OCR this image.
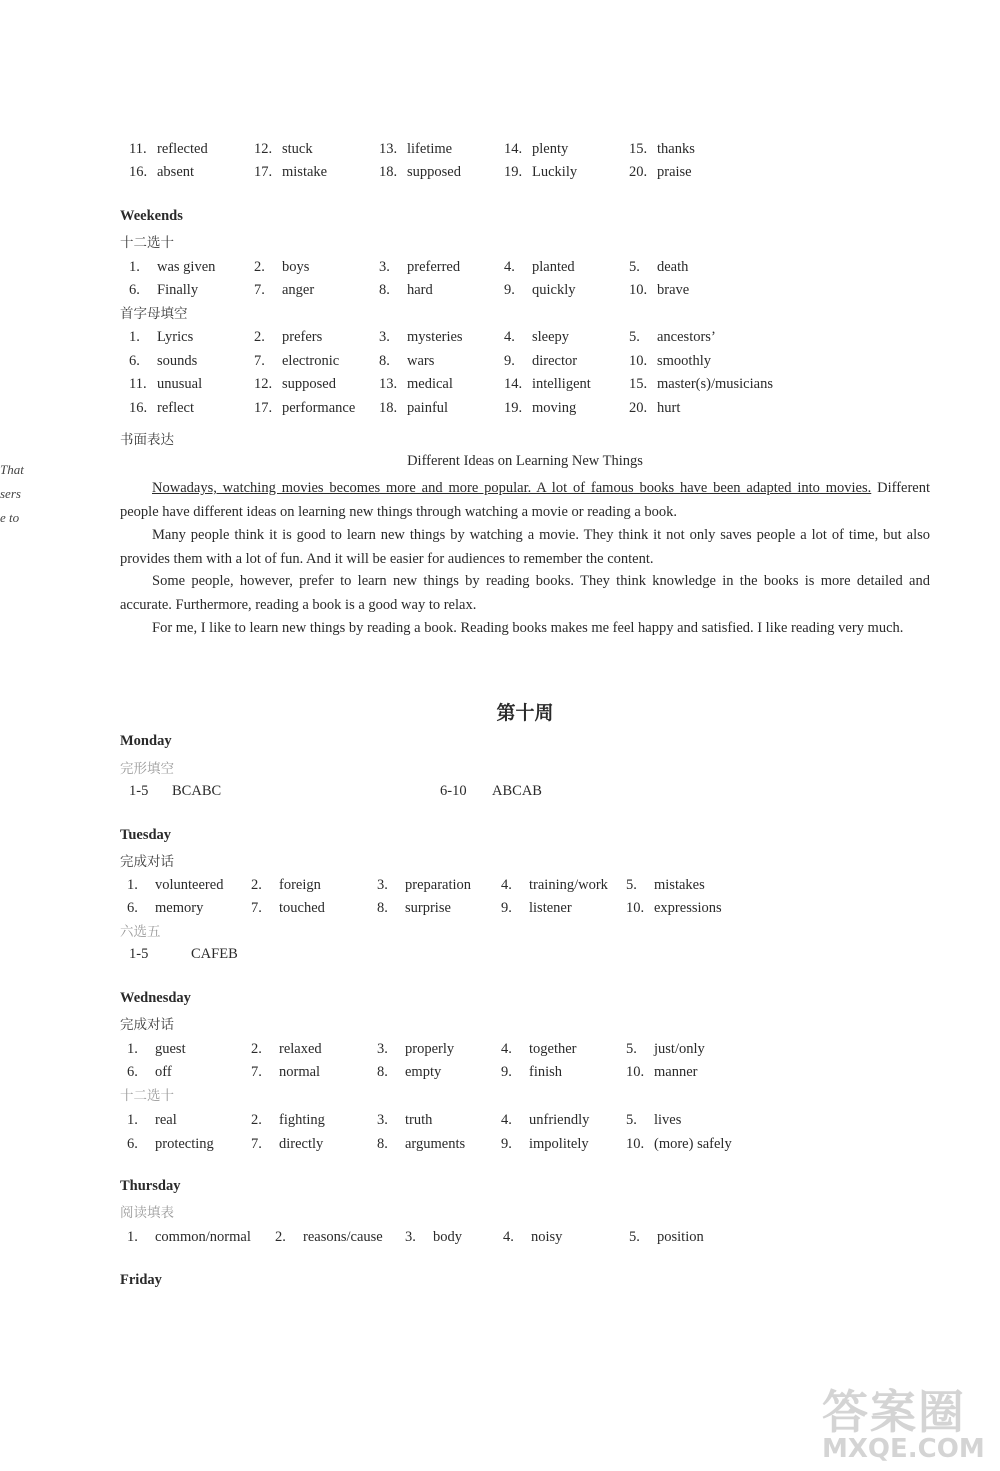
11. reflected	12. stuck	13. lifetime	14. plenty	15. thanks
16. absent	17. mistake	18. supposed	19. Luckily	20. praise
Weekends
十二选十
1. was given	2. boys	3. preferred	4. planted	5. death
6. Finally	7. anger	8. hard	9. quickly	10. brave
首字母填空
1. Lyrics	2. prefers	3. mysteries	4. sleepy	5. ancestors’
6. sounds	7. electronic	8. wars	9. director	10. smoothly
11. unusual	12. supposed	13. medical	14. intelligent	15. master(s)/musicians
16. reflect	17. performance 18. painful	19. moving	20. hurt
书面表达
That
sers
e to
Different Ideas on Learning New Things
Nowadays, watching movies becomes more and more popular. A lot of famous books have been adapted into movies. Different people have different ideas on learning new things through watching a movie or reading a book.
Many people think it is good to learn new things by watching a movie. They think it not only saves people a lot of time, but also provides them with a lot of fun. And it will be easier for audiences to remember the content.
Some people, however, prefer to learn new things by reading books. They think knowledge in the books is more detailed and accurate. Furthermore, reading a book is a good way to relax.
For me, I like to learn new things by reading a book. Reading books makes me feel happy and satisfied. I like reading very much.
第十周
Monday
完形填空
1-5 BCABC	6-10 ABCAB
Tuesday
完成对话
1. volunteered 2. foreign	3. preparation 4. training/work 5. mistakes
6. memory	7. touched	8. surprise	9. listener	10. expressions
六选五
1-5	CAFEB
Wednesday
完成对话
1. guest	2. relaxed	3. properly	4. together	5. just/only
6. off	7. normal	8. empty	9. finish	10. manner
十二选十
1. real	2. fighting	3. truth	4. unfriendly	5. lives
6. protecting	7. directly	8. arguments 9. impolitely	10. (more) safely
Thursday
阅读填表
1. common/normal 2. reasons/cause 3. body	4. noisy	5. position
Friday
答案圈
MXQE.COM
